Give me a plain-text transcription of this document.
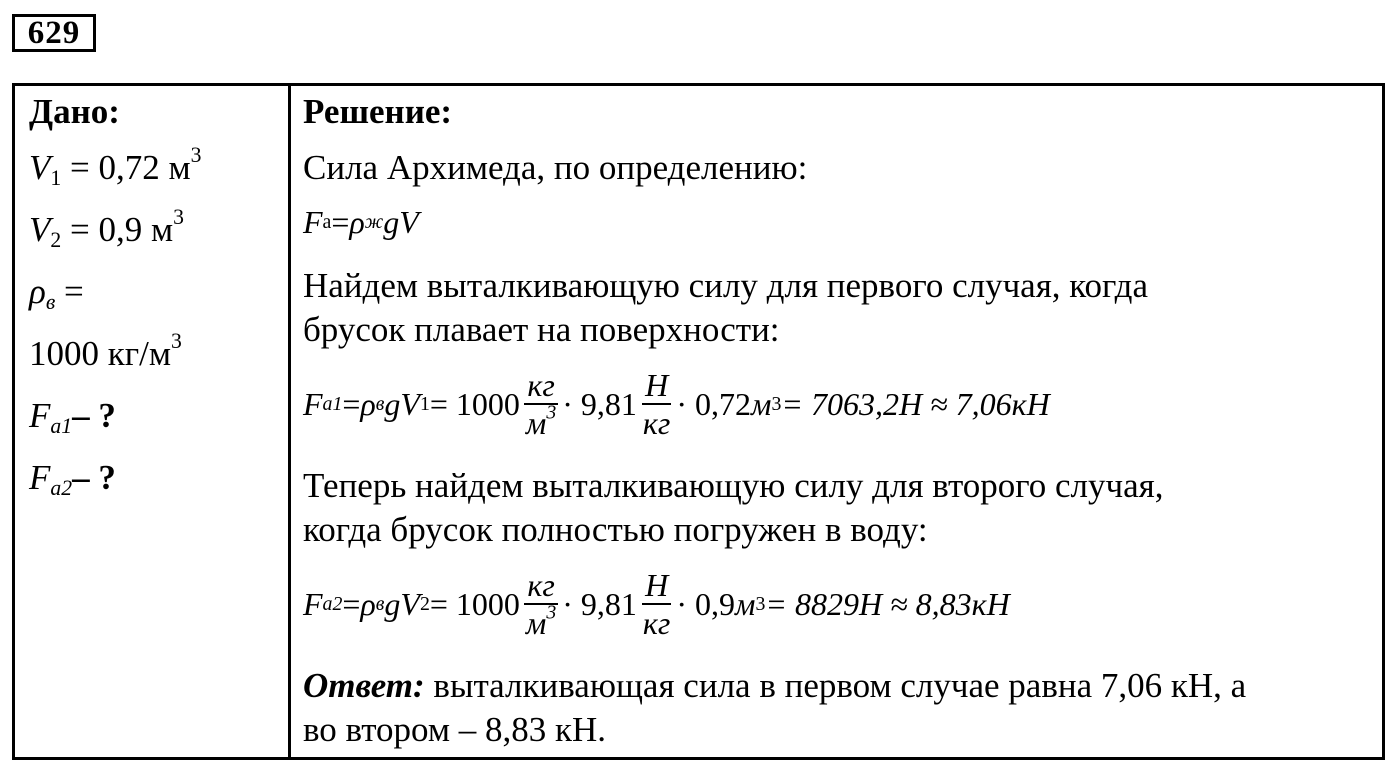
629
Дано:
$V_1 = 0,72$ $м^3$
$V_2 = 0,9$ $м^3$
$\rho_в$ =
1000 $кг/м^3$
$F_{a1}-$ ?
$F_{a2}-$ ?
Решение:
Сила Архимеда, по определению:
F a = ρ ж gV
Найдем выталкивающую силу для первого случая, когда
брусок плавает на поверхности:
F a1 = ρ в gV $1 = 1000 \frac{кг}{м^3} \cdot 9,81 \frac{Н}{кг} \cdot 0,72$ м 3 = 7063,2Н ≈ 7,06кН
Теперь найдем выталкивающую силу для второго случая,
когда брусок полностью погружен в воду:
F a2 = ρ в gV $2 = 1000 \frac{кг}{м^3} \cdot 9,81 \frac{Н}{кг} \cdot 0,9$ м 3 = 8829Н ≈ 8,83кН
Ответ: выталкивающая сила в первом случае равна 7,06 кН, а
во втором – 8,83 кН.
